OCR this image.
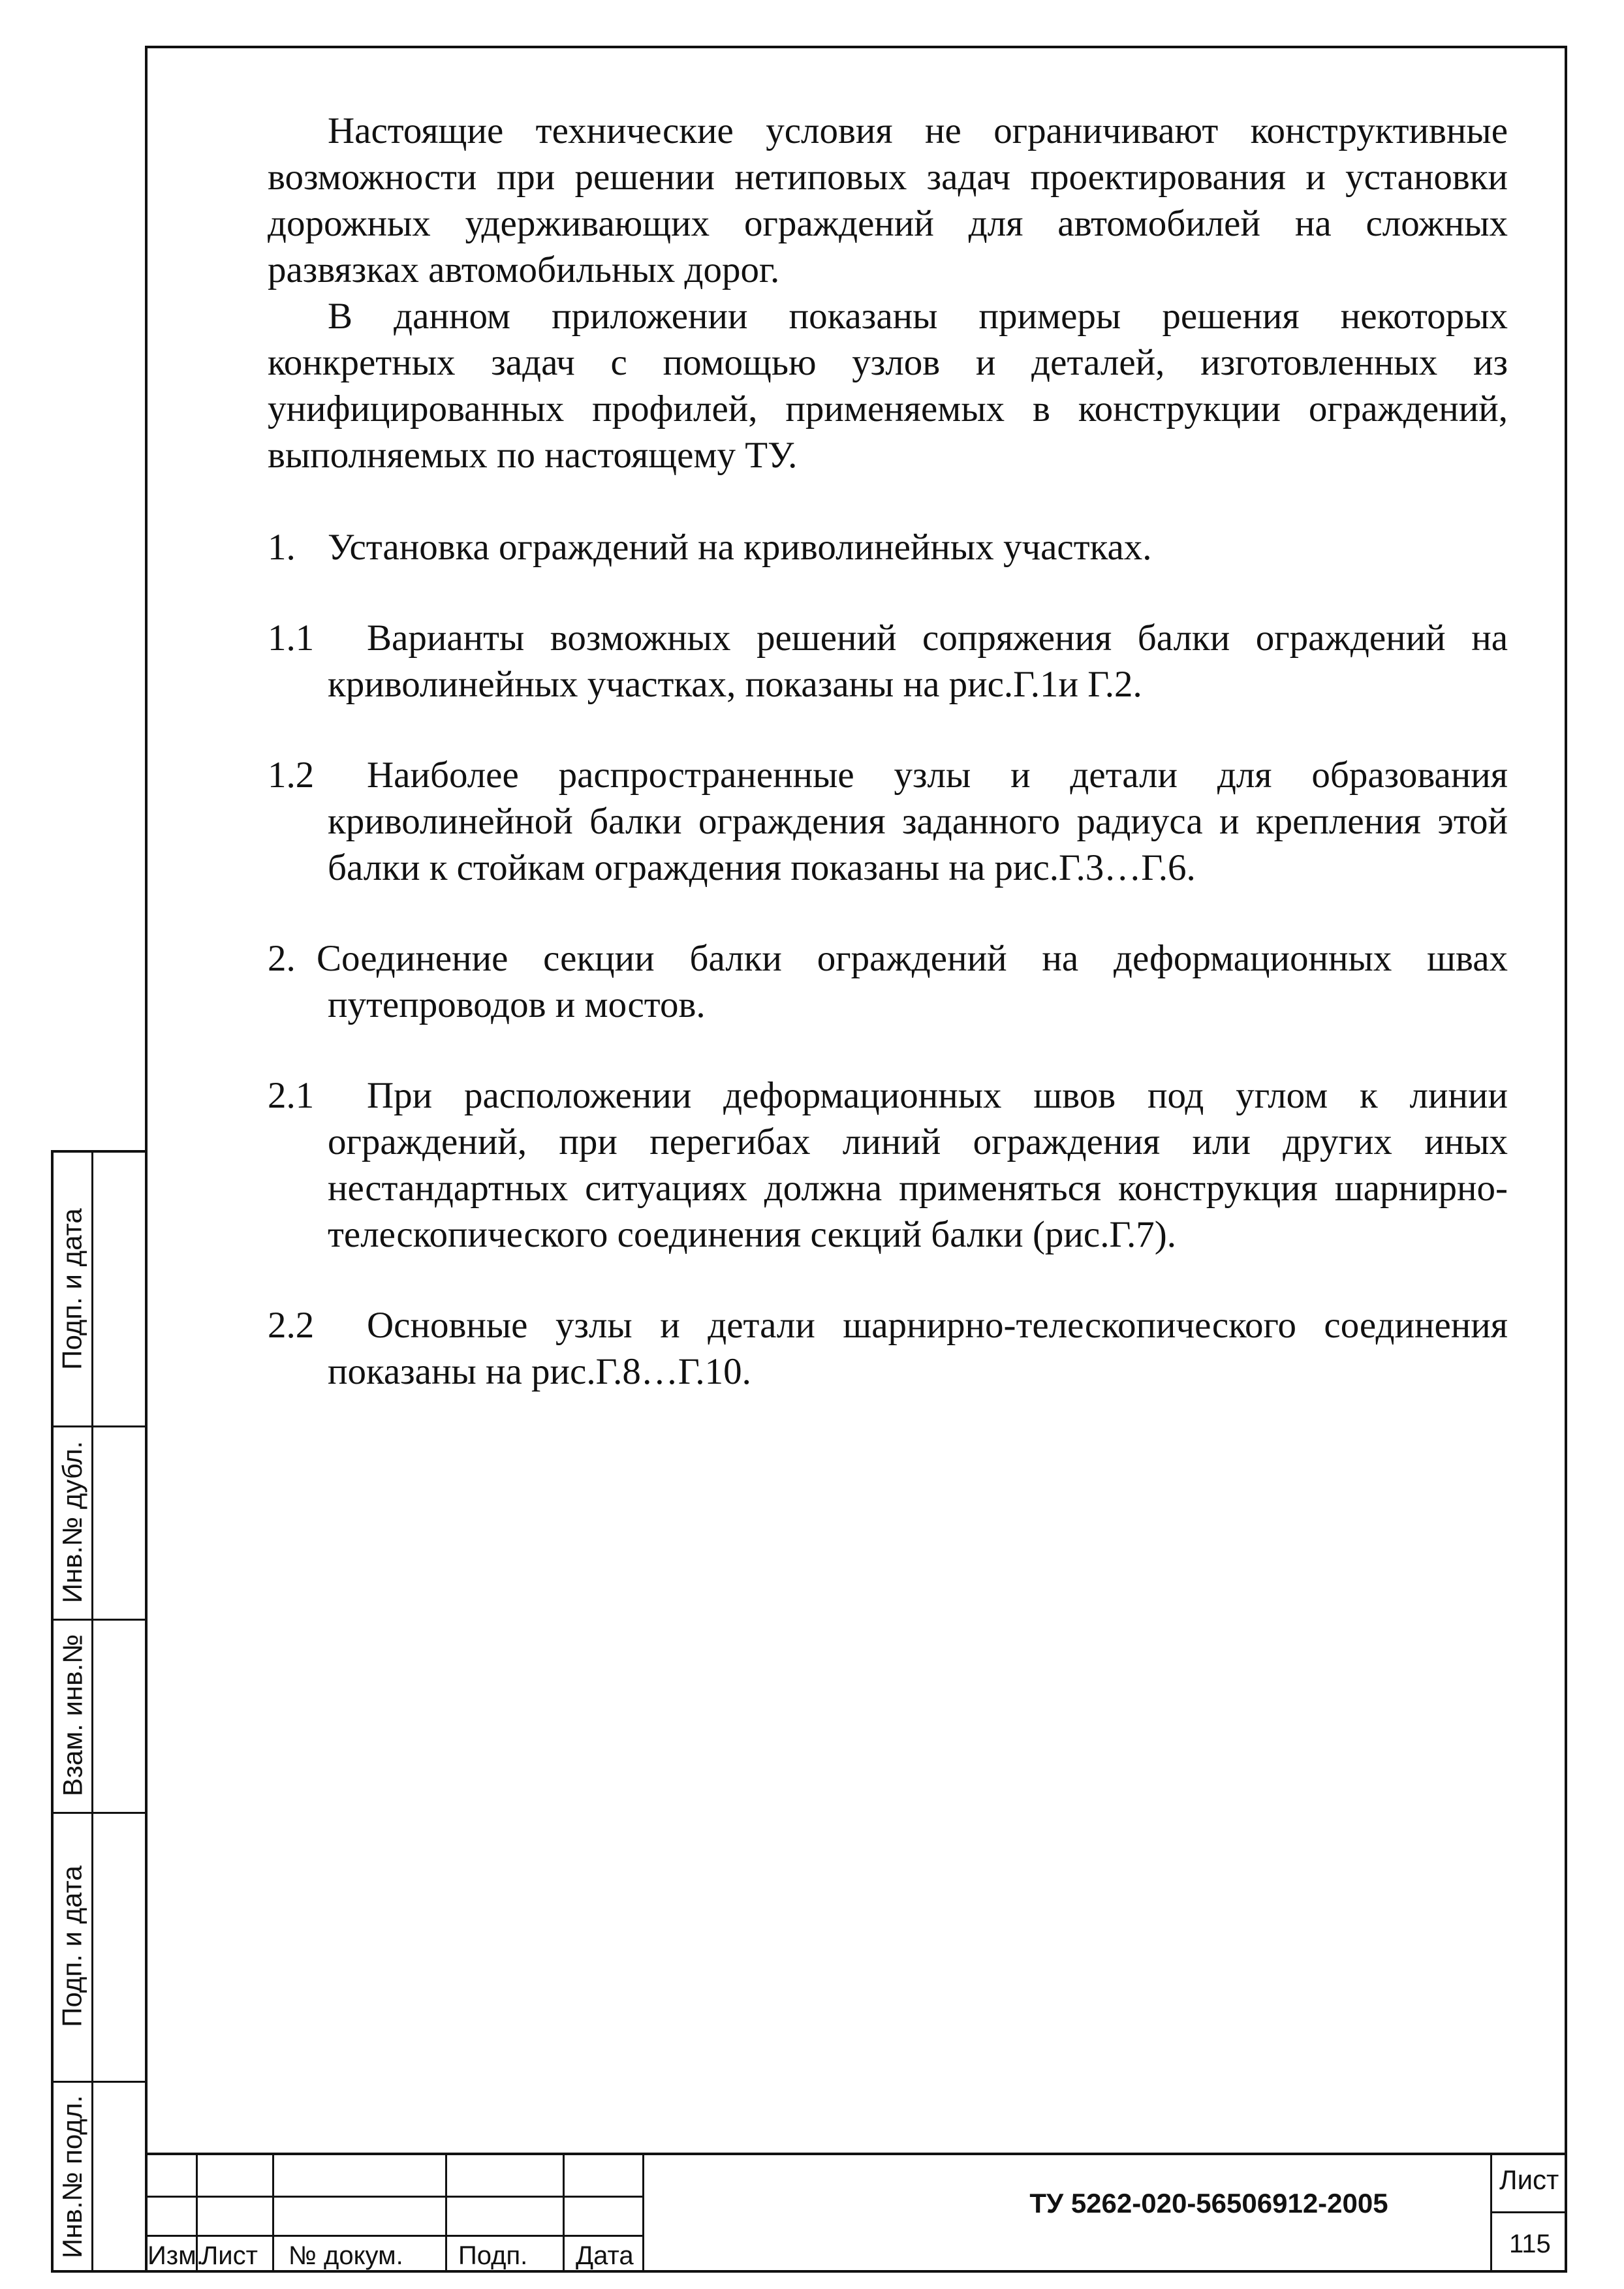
Настоящие технические условия не ограничивают конструктивные возможности при решении нетиповых задач проектирования и установки дорожных удерживающих ограждений для автомобилей на сложных развязках автомобильных дорог.

В данном приложении показаны примеры решения некоторых конкретных задач с помощью узлов и деталей, изготовленных из унифицированных профилей, применяемых в конструкции ограждений, выполняемых по настоящему ТУ.

1. Установка ограждений на криволинейных участках.

1.1 Варианты возможных решений сопряжения балки ограждений на криволинейных участках, показаны на рис.Г.1и Г.2.

1.2 Наиболее распространенные узлы и детали для образования криволинейной балки ограждения заданного радиуса и крепления этой балки к стойкам ограждения показаны на рис.Г.3…Г.6.

2. Соединение секции балки ограждений на деформационных швах путепроводов и мостов.

2.1 При расположении деформационных швов под углом к линии ограждений, при перегибах линий ограждения или других иных нестандартных ситуациях должна применяться конструкция шарнирно-телескопического соединения секций балки (рис.Г.7).

2.2 Основные узлы и детали шарнирно-телескопического соединения показаны на рис.Г.8…Г.10.

Подп. и дата
Инв.№ дубл.
Взам. инв.№
Подп. и дата
Инв.№ подл. Изм.
Лист № докум. Подп. Дата
ТУ 5262-020-56506912-2005
Лист
115
